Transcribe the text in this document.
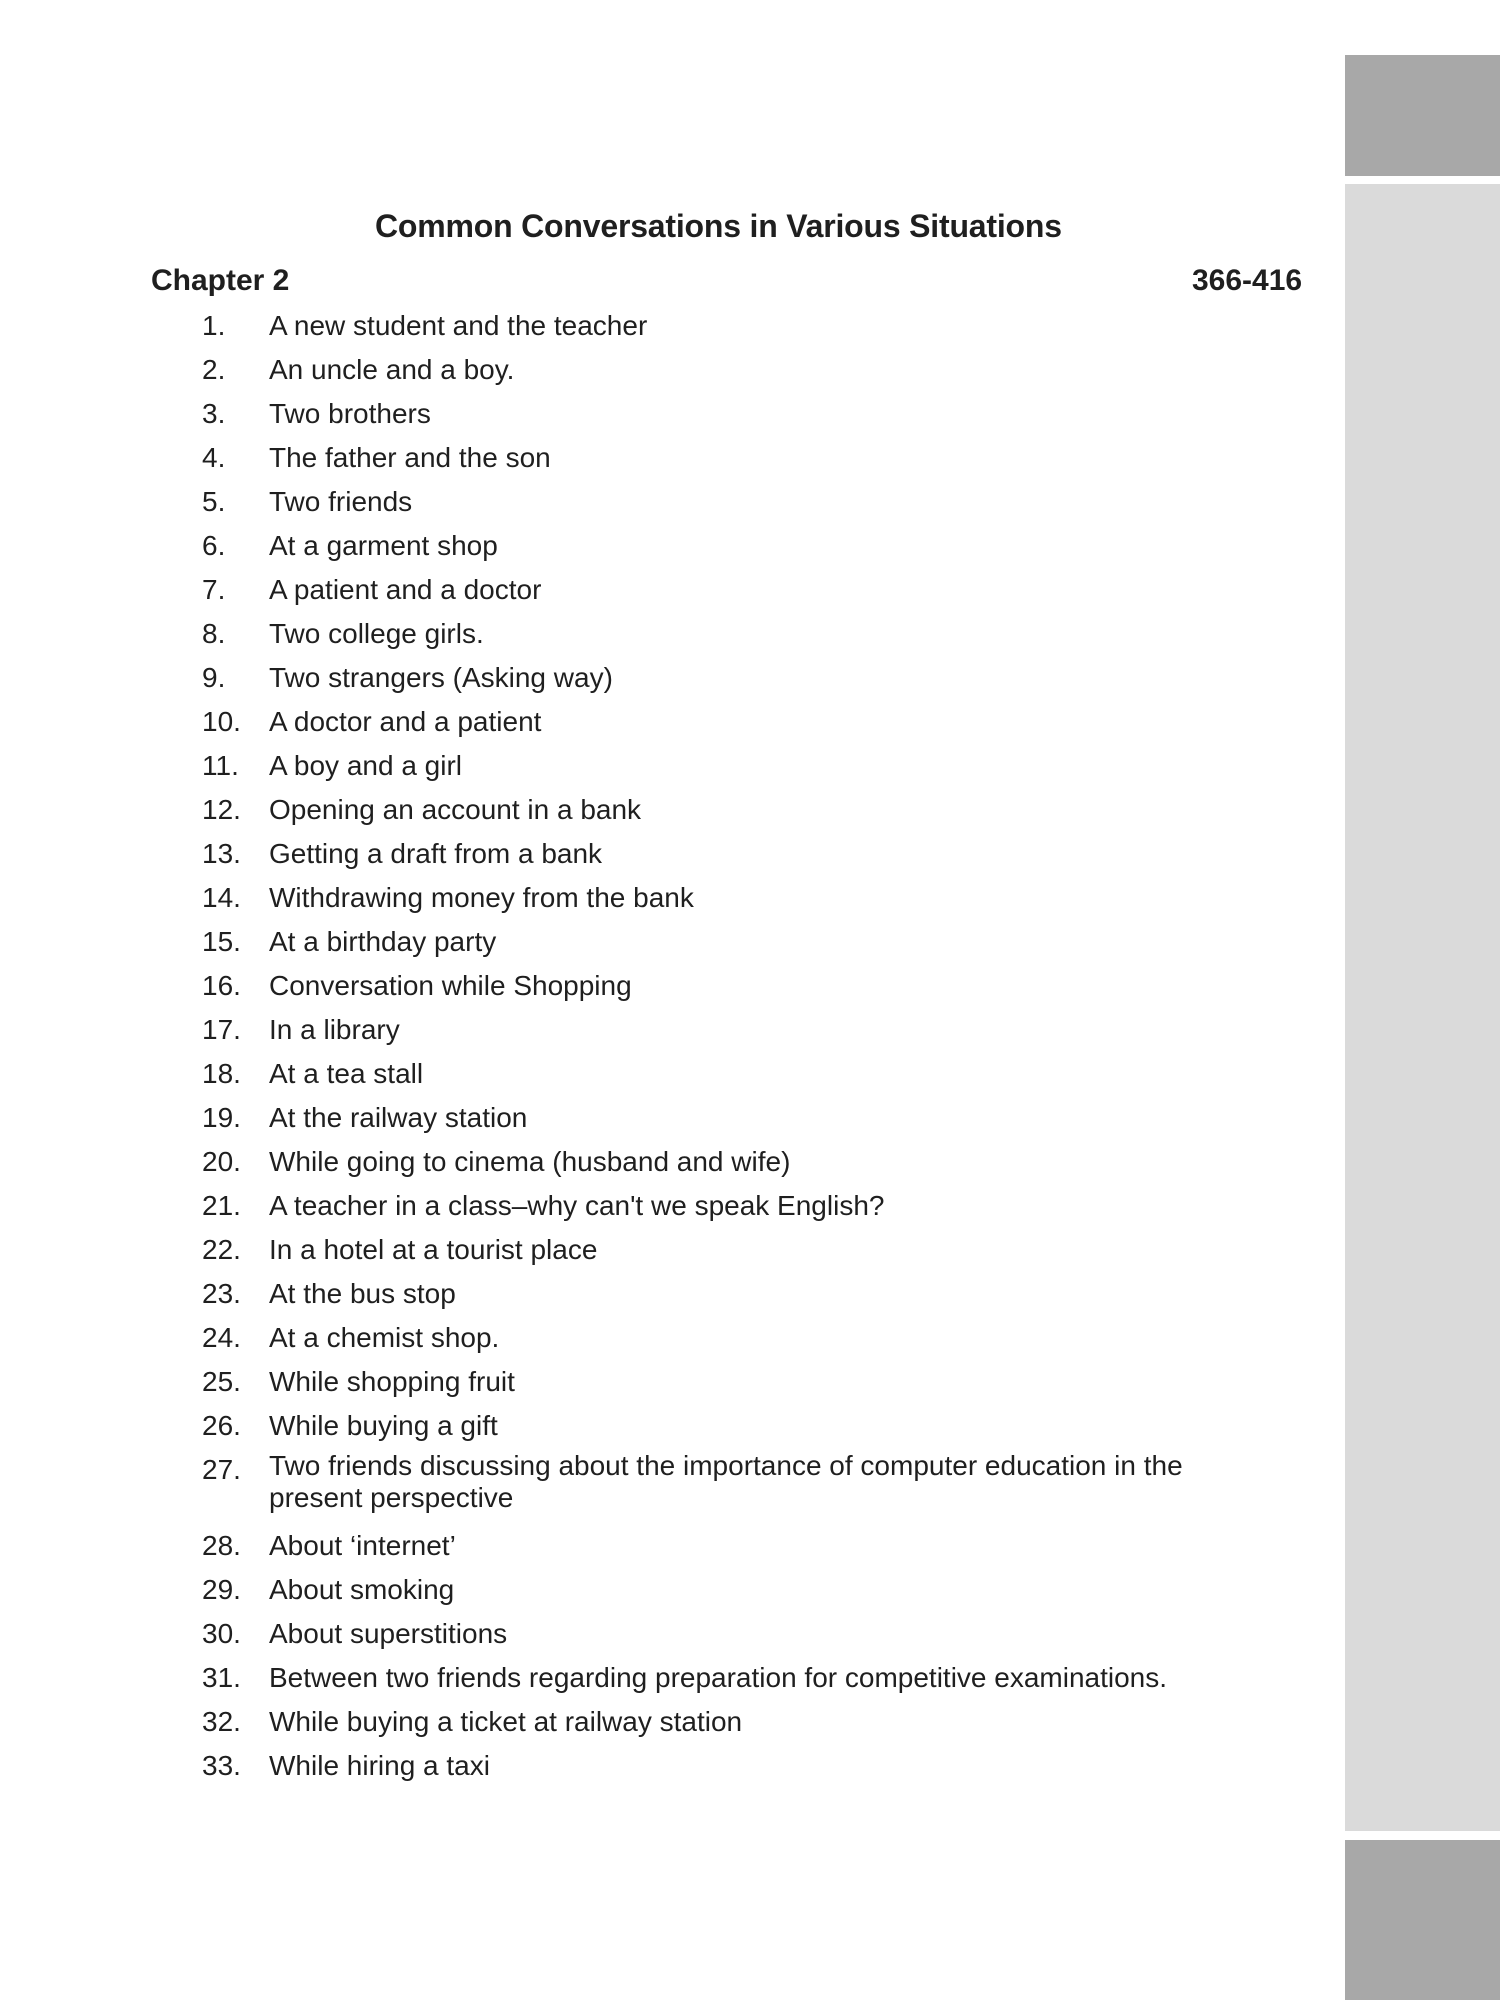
Common Conversations in Various Situations
Chapter 2	366-416
1.	A new student and the teacher
2.	An uncle and a boy.
3.	Two brothers
4.	The father and the son
5.	Two friends
6.	At a garment shop
7.	A patient and a doctor
8.	Two college girls.
9.	Two strangers (Asking way)
10.	A doctor and a patient
11.	A boy and a girl
12.	Opening an account in a bank
13.	Getting a draft from a bank
14.	Withdrawing money from the bank
15.	At a birthday party
16.	Conversation while Shopping
17.	In a library
18.	At a tea stall
19.	At the railway station
20.	While going to cinema (husband and wife)
21.	A teacher in a class–why can't we speak English?
22.	In a hotel at a tourist place
23.	At the bus stop
24.	At a chemist shop.
25.	While shopping fruit
26.	While buying a gift
27.	Two friends discussing about the importance of computer education in the present perspective
28.	About ‘internet’
29.	About smoking
30.	About superstitions
31.	Between two friends regarding preparation for competitive examinations.
32.	While buying a ticket at railway station
33.	While hiring a taxi
